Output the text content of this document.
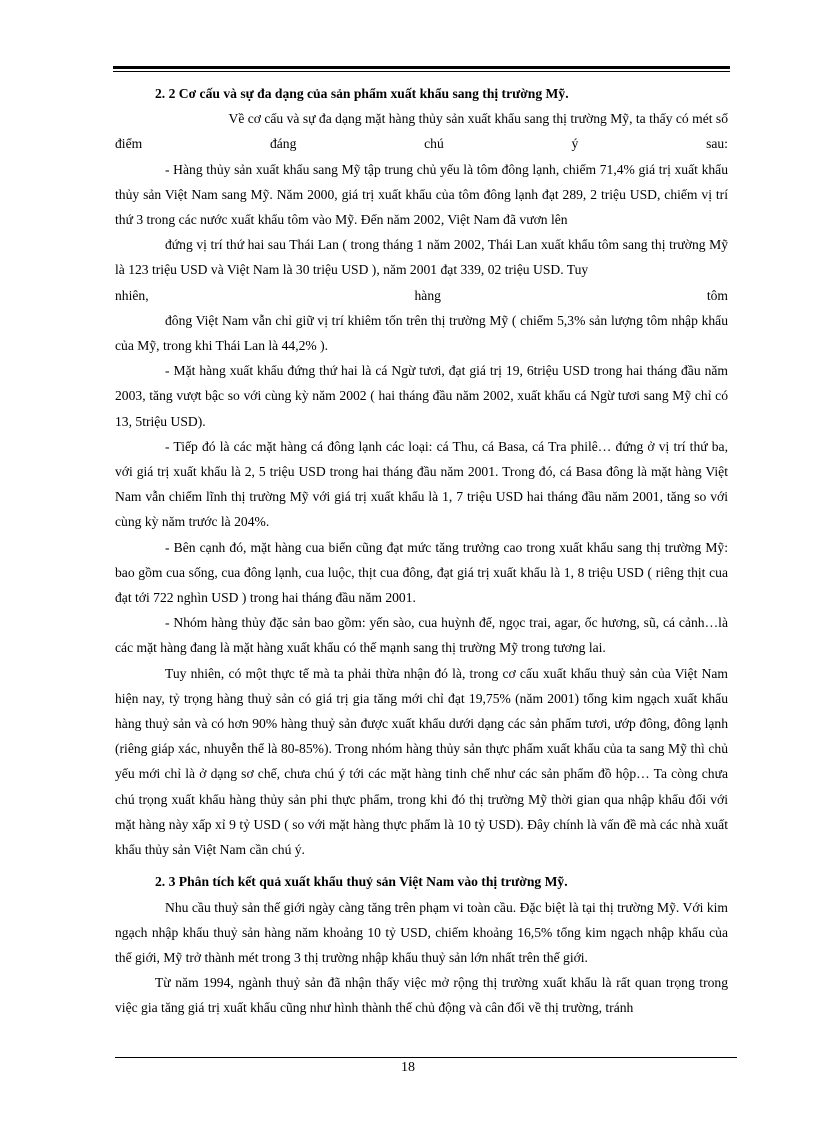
2. 2 Cơ cấu và sự đa dạng của sản phẩm xuất khẩu sang thị trường Mỹ.

Về cơ cấu và sự đa dạng mặt hàng thủy sản xuất khẩu sang thị trường Mỹ, ta thấy có mét số

điểm	đáng	chú	ý	sau:

- Hàng thủy sản xuất khẩu sang Mỹ tập trung chủ yếu là tôm đông lạnh, chiếm 71,4% giá trị xuất khẩu thủy sản Việt Nam sang Mỹ. Năm 2000, giá trị xuất khẩu của tôm đông lạnh đạt 289, 2 triệu USD, chiếm vị trí thứ 3 trong các nước xuất khẩu tôm vào Mỹ. Đến năm 2002, Việt Nam đã vươn lên

đứng vị trí thứ hai sau Thái Lan ( trong tháng 1 năm 2002, Thái Lan xuất khẩu tôm sang thị trường Mỹ là 123 triệu USD và Việt Nam là 30 triệu USD ), năm 2001 đạt 339, 02 triệu USD. Tuy

nhiên,	hàng	tôm

đông Việt Nam vẫn chỉ giữ vị trí khiêm tốn trên thị trường Mỹ ( chiếm 5,3% sản lượng tôm nhập khẩu của Mỹ, trong khi Thái Lan là 44,2% ).

- Mặt hàng xuất khẩu đứng thứ hai là cá Ngừ tươi, đạt giá trị 19, 6triệu USD trong hai tháng đầu năm 2003, tăng vượt bậc so với cùng kỳ năm 2002 ( hai tháng đầu năm 2002, xuất khẩu cá Ngừ tươi sang Mỹ chỉ có 13, 5triệu USD).

- Tiếp đó là các mặt hàng cá đông lạnh các loại: cá Thu, cá Basa, cá Tra philê… đứng ở vị trí thứ ba, với giá trị xuất khẩu là 2, 5 triệu USD trong hai tháng đầu năm 2001. Trong đó, cá Basa đông là mặt hàng Việt Nam vẫn chiếm lĩnh thị trường Mỹ với giá trị xuất khẩu là 1, 7 triệu USD hai tháng đầu năm 2001, tăng so với cùng kỳ năm trước là 204%.

- Bên cạnh đó, mặt hàng cua biển cũng đạt mức tăng trưởng cao trong xuất khẩu sang thị trường Mỹ: bao gồm cua sống, cua đông lạnh, cua luộc, thịt cua đông, đạt giá trị xuất khẩu là 1, 8 triệu USD ( riêng thịt cua đạt tới 722 nghìn USD ) trong hai tháng đầu năm 2001.

- Nhóm hàng thủy đặc sản bao gồm: yến sào, cua huỳnh đế, ngọc trai, agar, ốc hương, sũ, cá cảnh…là các mặt hàng đang là mặt hàng xuất khẩu có thế mạnh sang thị trường Mỹ trong tương lai.

Tuy nhiên, có một thực tế mà ta phải thừa nhận đó là, trong cơ cấu xuất khẩu thuỷ sản của Việt Nam hiện nay, tỷ trọng hàng thuỷ sản có giá trị gia tăng mới chỉ đạt 19,75% (năm 2001) tổng kim ngạch xuất khẩu hàng thuỷ sản và có hơn 90% hàng thuỷ sản được xuất khẩu dưới dạng các sản phẩm tươi, ướp đông, đông lạnh (riêng giáp xác, nhuyễn thể là 80-85%). Trong nhóm hàng thủy sản thực phẩm xuất khẩu của ta sang Mỹ thì chủ yếu mới chỉ là ở dạng sơ chế, chưa chú ý tới các mặt hàng tinh chế như các sản phẩm đồ hộp… Ta còng chưa chú trọng xuất khẩu hàng thủy sản phi thực phẩm, trong khi đó thị trường Mỹ thời gian qua nhập khẩu đối với mặt hàng này xấp xỉ 9 tỷ USD ( so với mặt hàng thực phẩm là 10 tỷ USD). Đây chính là vấn đề mà các nhà xuất khẩu thủy sản Việt Nam cần chú ý.

2. 3 Phân tích kết quả xuất khẩu thuỷ sản Việt Nam vào thị trường Mỹ.

Nhu cầu thuỷ sản thế giới ngày càng tăng trên phạm vi toàn cầu. Đặc biệt là tại thị trường Mỹ. Với kim ngạch nhập khẩu thuỷ sản hàng năm khoảng 10 tỷ USD, chiếm khoảng 16,5% tổng kim ngạch nhập khẩu của thế giới, Mỹ trở thành mét trong 3 thị trường nhập khẩu thuỷ sản lớn nhất trên thế giới.

Từ năm 1994, ngành thuỷ sản đã nhận thấy việc mở rộng thị trường xuất khẩu là rất quan trọng trong việc gia tăng giá trị xuất khẩu cũng như hình thành thế chủ động và cân đối về thị trường, tránh

18
